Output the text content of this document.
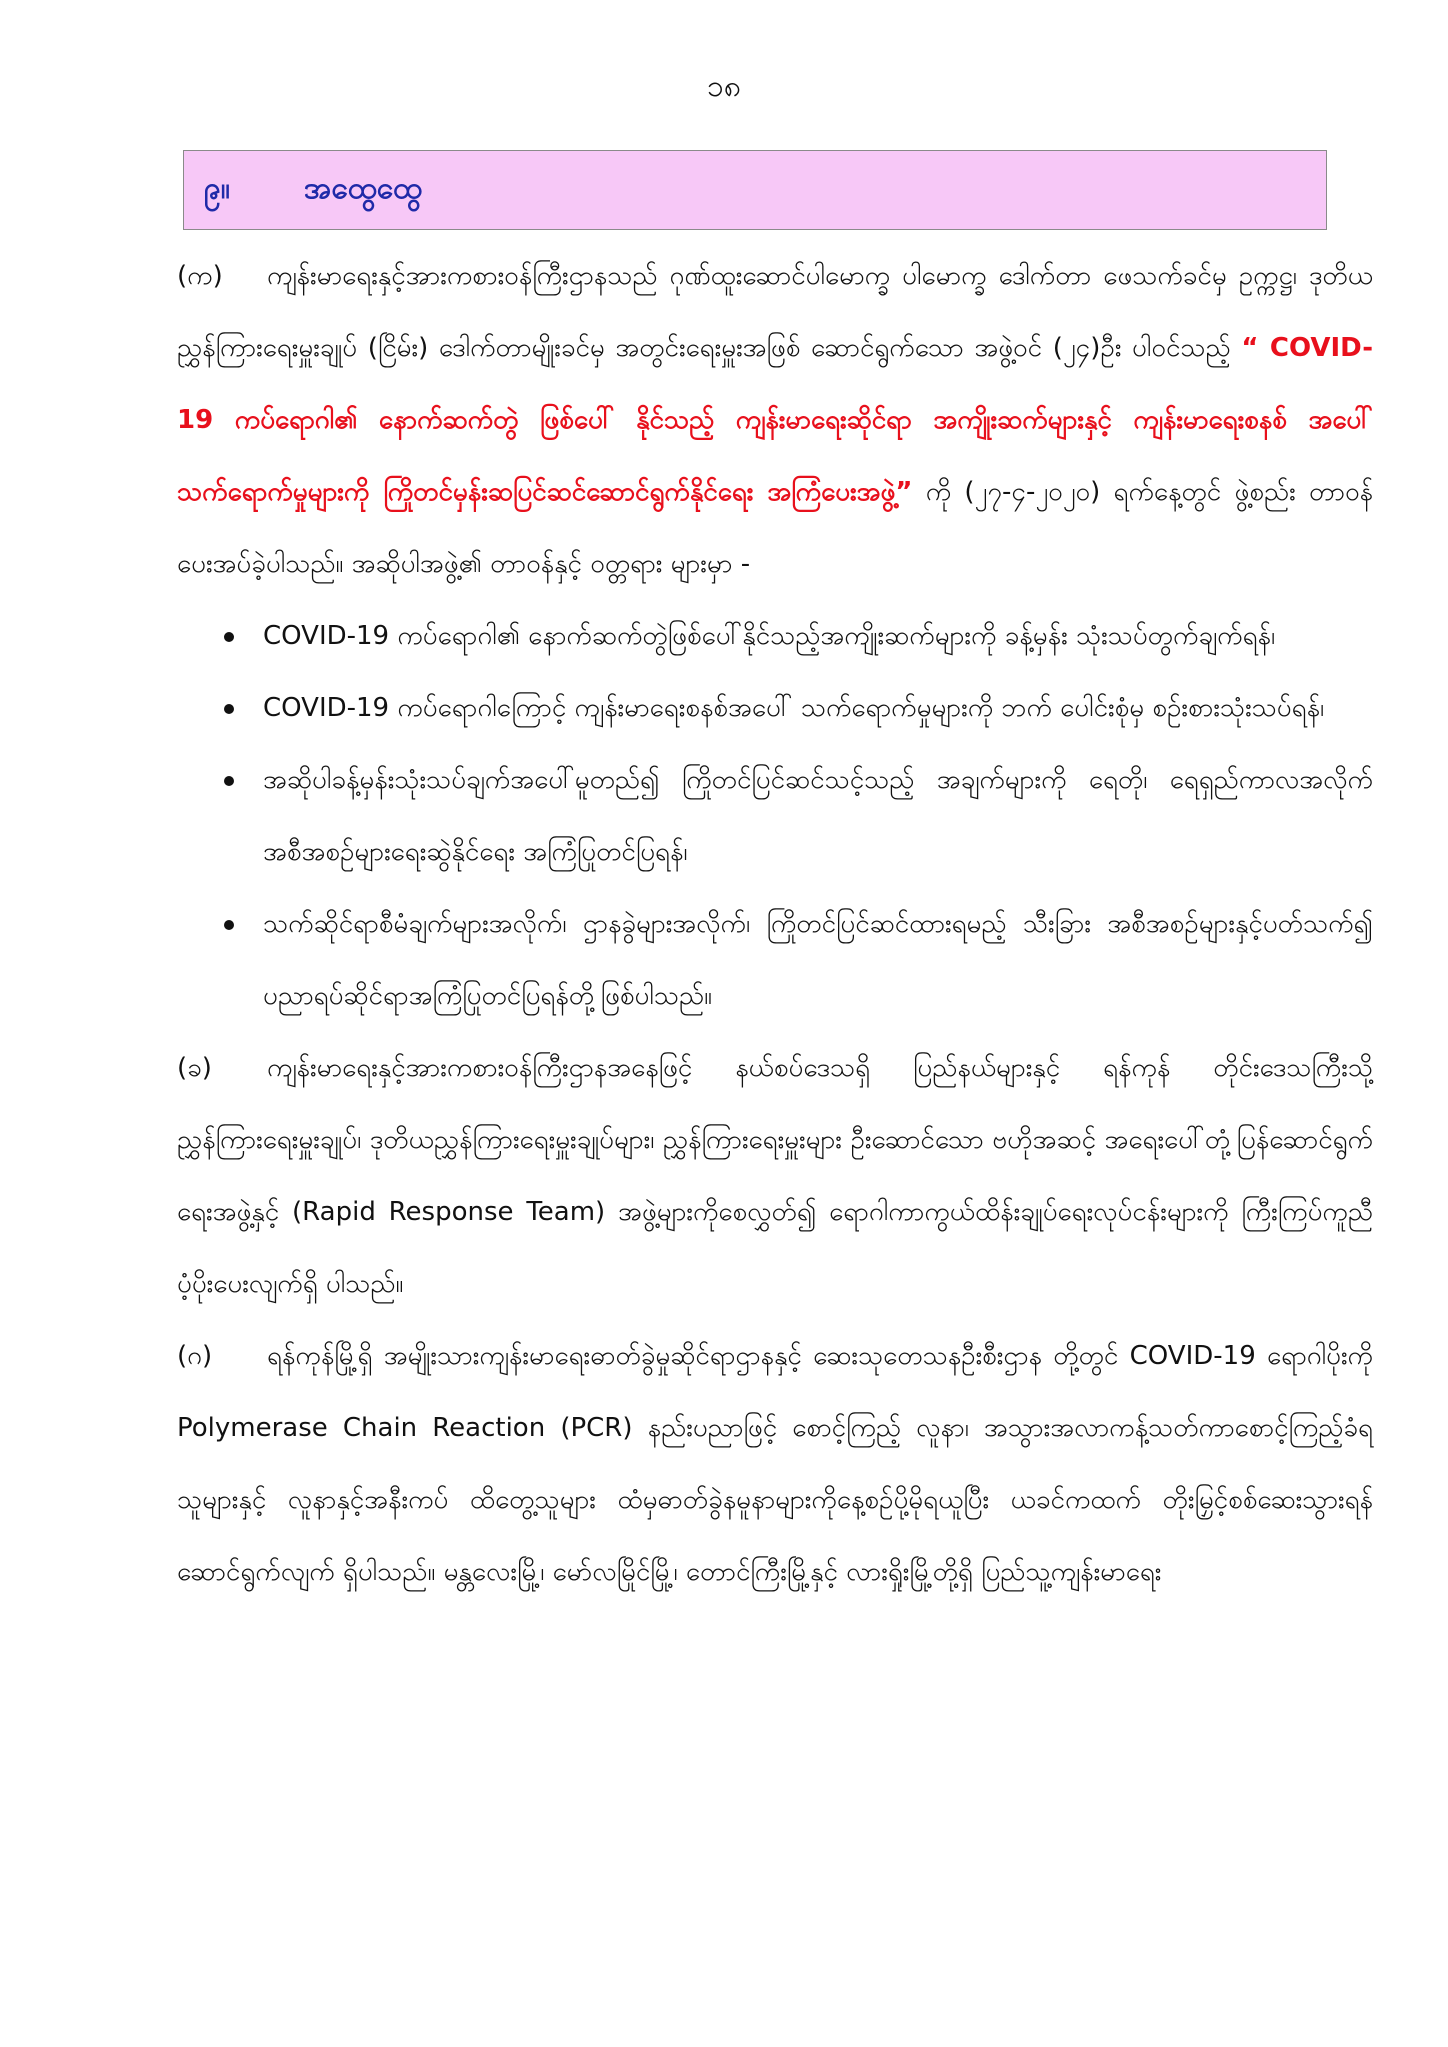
၁၈
၉။	အထွေထွေ

(က) ကျန်းမာရေးနှင့်အားကစားဝန်ကြီးဌာနသည် ဂုဏ်ထူးဆောင်ပါမောက္ခ ပါမောက္ခ ဒေါက်တာ ဖေသက်ခင်မှ ဥက္ကဋ္ဌ၊ ဒုတိယညွှန်ကြားရေးမှူးချုပ် (ငြိမ်း) ဒေါက်တာမျိုးခင်မှ အတွင်းရေးမှူးအဖြစ် ဆောင်ရွက်သော အဖွဲ့ဝင် (၂၄)ဦး ပါဝင်သည့် “ COVID-19 ကပ်ရောဂါ၏ နောက်ဆက်တွဲ ဖြစ်ပေါ် နိုင်သည့် ကျန်းမာရေးဆိုင်ရာ အကျိုးဆက်များနှင့် ကျန်းမာရေးစနစ် အပေါ်သက်ရောက်မှုများကို ကြိုတင်မှန်းဆပြင်ဆင်ဆောင်ရွက်နိုင်ရေး အကြံပေးအဖွဲ့” ကို (၂၇-၄-၂၀၂၀) ရက်နေ့တွင် ဖွဲ့စည်း တာဝန်ပေးအပ်ခဲ့ပါသည်။ အဆိုပါအဖွဲ့၏ တာဝန်နှင့် ဝတ္တရား များမှာ -

COVID-19 ကပ်ရောဂါ၏ နောက်ဆက်တွဲဖြစ်ပေါ်နိုင်သည့်အကျိုးဆက်များကို ခန့်မှန်း သုံးသပ်တွက်ချက်ရန်၊
COVID-19 ကပ်ရောဂါကြောင့် ကျန်းမာရေးစနစ်အပေါ် သက်ရောက်မှုများကို ဘက် ပေါင်းစုံမှ စဉ်းစားသုံးသပ်ရန်၊
အဆိုပါခန့်မှန်းသုံးသပ်ချက်အပေါ်မူတည်၍ ကြိုတင်ပြင်ဆင်သင့်သည့် အချက်များကို ရေတို၊ ရေရှည်ကာလအလိုက် အစီအစဉ်များရေးဆွဲနိုင်ရေး အကြံပြုတင်ပြရန်၊
သက်ဆိုင်ရာစီမံချက်များအလိုက်၊ ဌာနခွဲများအလိုက်၊ ကြိုတင်ပြင်ဆင်ထားရမည့် သီးခြား အစီအစဉ်များနှင့်ပတ်သက်၍ ပညာရပ်ဆိုင်ရာအကြံပြုတင်ပြရန်တို့ဖြစ်ပါသည်။

(ခ) ကျန်းမာရေးနှင့်အားကစားဝန်ကြီးဌာနအနေဖြင့် နယ်စပ်ဒေသရှိ ပြည်နယ်များနှင့် ရန်ကုန် တိုင်းဒေသကြီးသို့ ညွှန်ကြားရေးမှူးချုပ်၊ ဒုတိယညွှန်ကြားရေးမှူးချုပ်များ၊ ညွှန်ကြားရေးမှူးများ ဦးဆောင်သော ဗဟိုအဆင့် အရေးပေါ်တုံ့ပြန်ဆောင်ရွက်ရေးအဖွဲ့နှင့် (Rapid Response Team) အဖွဲ့များကိုစေလွှတ်၍ ရောဂါကာကွယ်ထိန်းချုပ်ရေးလုပ်ငန်းများကို ကြီးကြပ်ကူညီပံ့ပိုးပေးလျက်ရှိ ပါသည်။

(ဂ) ရန်ကုန်မြို့ရှိ အမျိုးသားကျန်းမာရေးဓာတ်ခွဲမှုဆိုင်ရာဌာနနှင့် ဆေးသုတေသနဦးစီးဌာန တို့တွင် COVID-19 ရောဂါပိုးကို Polymerase Chain Reaction (PCR) နည်းပညာဖြင့် စောင့်ကြည့် လူနာ၊ အသွားအလာကန့်သတ်ကာစောင့်ကြည့်ခံရသူများနှင့် လူနာနှင့်အနီးကပ် ထိတွေ့သူများ ထံမှဓာတ်ခွဲနမူနာများကိုနေ့စဉ်ပို့မိုရယူပြီး ယခင်ကထက် တိုးမြှင့်စစ်ဆေးသွားရန် ဆောင်ရွက်လျက် ရှိပါသည်။ မန္တလေးမြို့၊ မော်လမြိုင်မြို့၊ တောင်ကြီးမြို့နှင့် လားရှိုးမြို့တို့ရှိ ပြည်သူ့ကျန်းမာရေး
